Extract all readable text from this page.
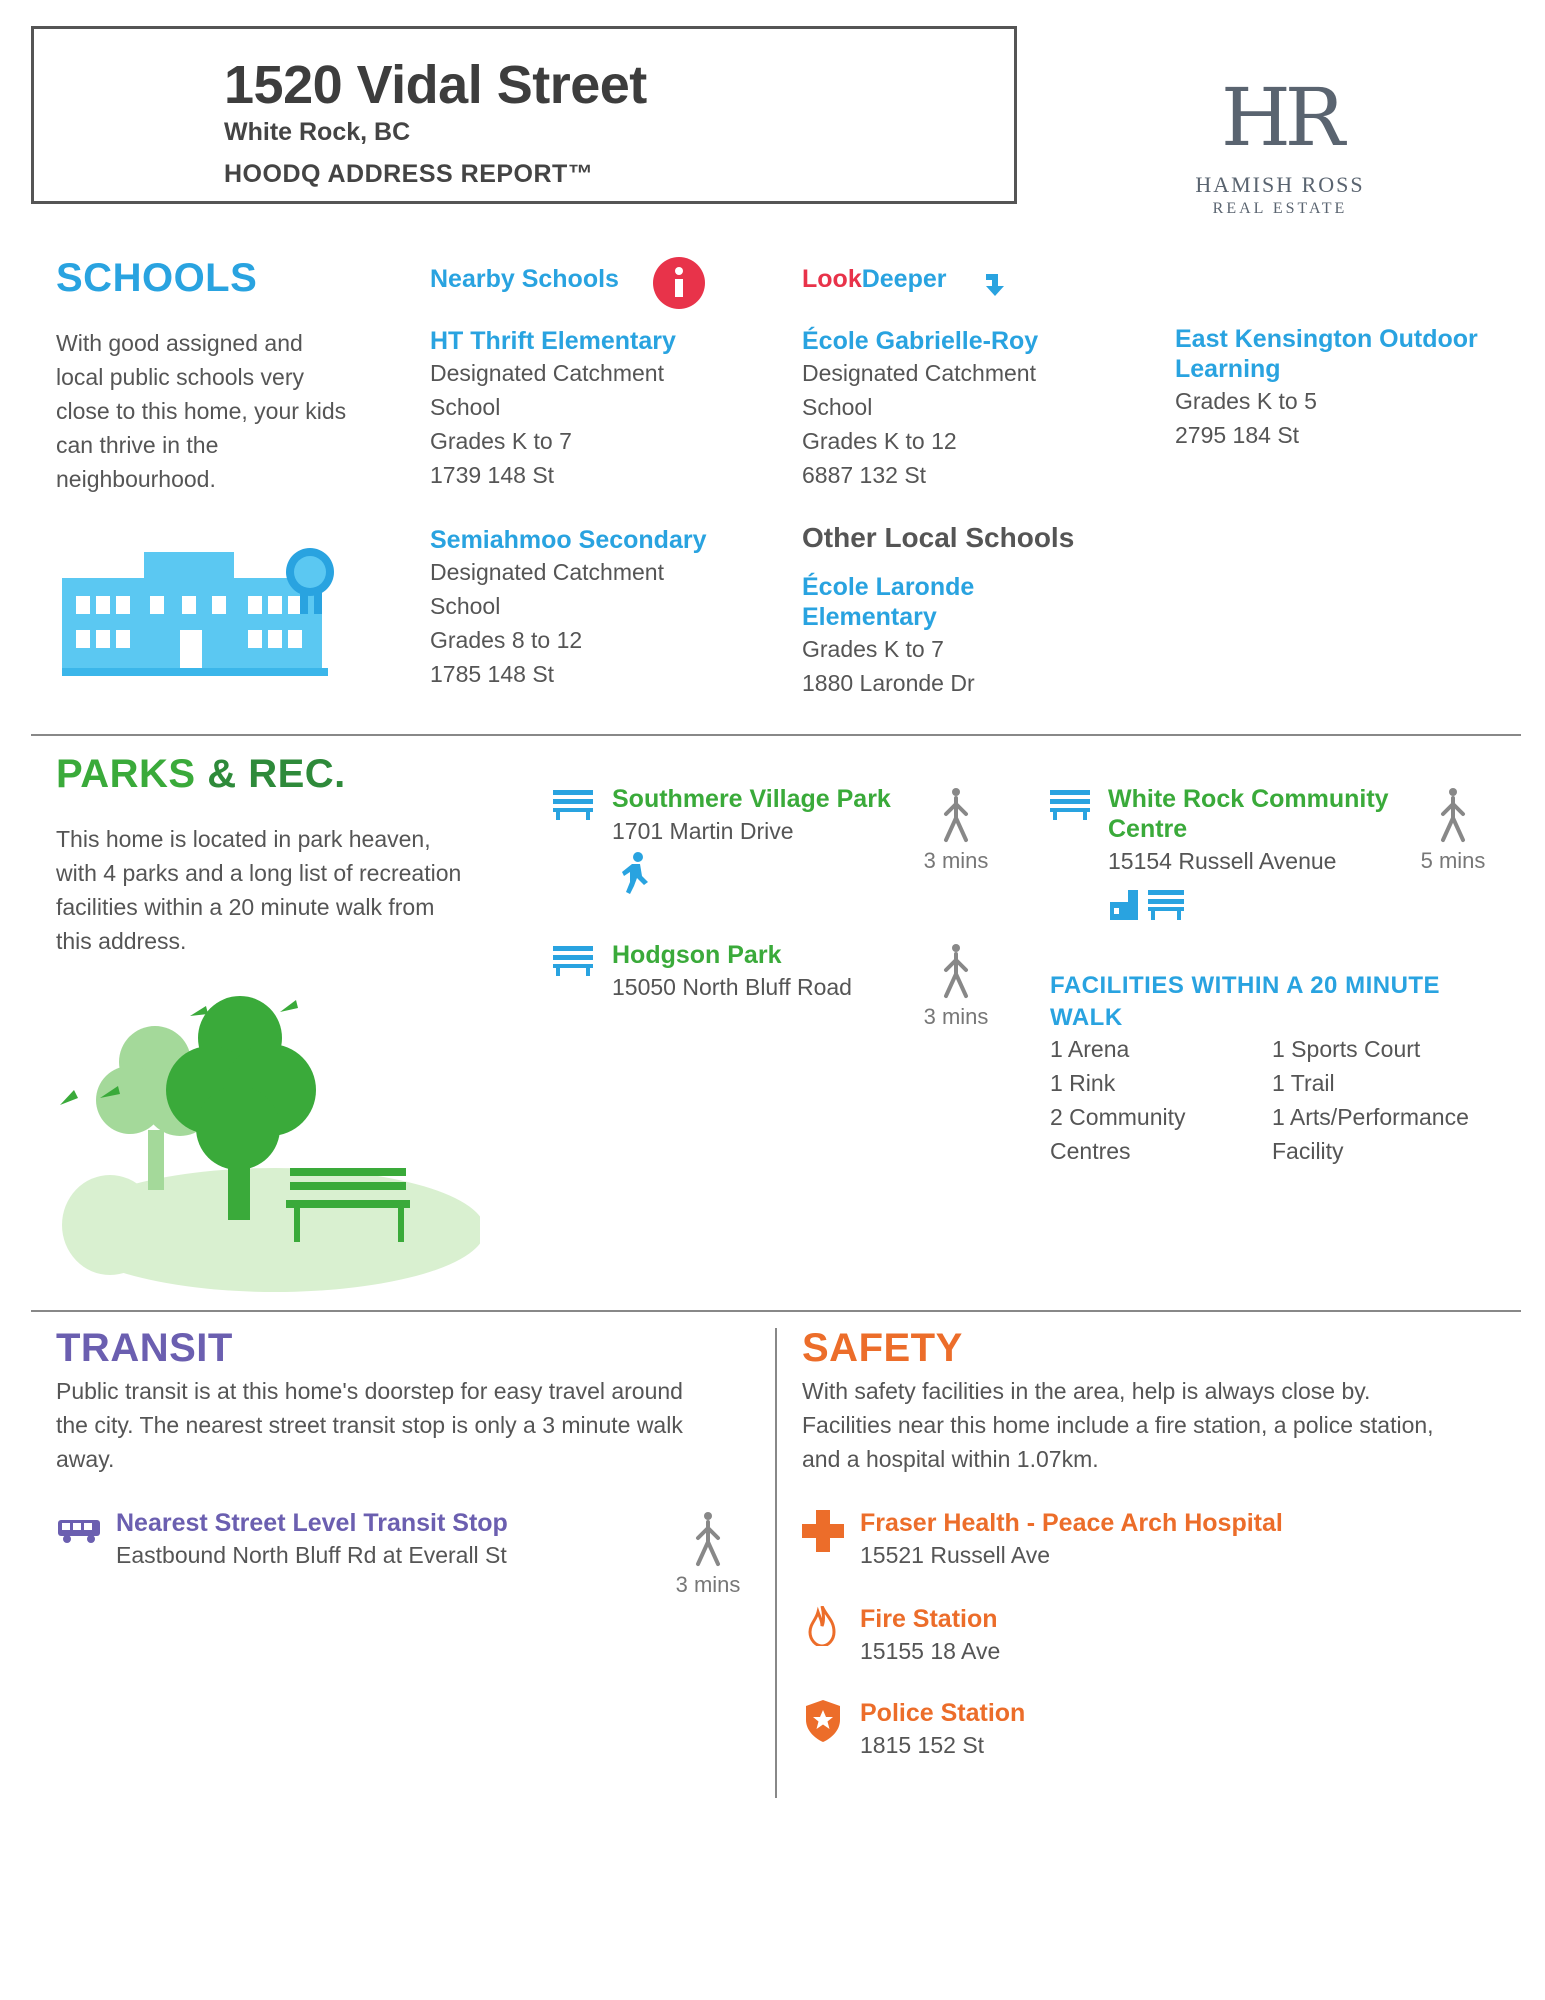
1520 Vidal Street
White Rock, BC
HOODQ ADDRESS REPORT™
HR
HAMISH ROSS
REAL ESTATE
SCHOOLS
With good assigned and
local public schools very
close to this home, your kids
can thrive in the
neighbourhood.
Nearby Schools	LookDeeper
HT Thrift Elementary
Designated Catchment
School
Grades K to 7
1739 148 St
École Gabrielle-Roy
Designated Catchment
School
Grades K to 12
6887 132 St
East Kensington Outdoor
Learning
Grades K to 5
2795 184 St
Semiahmoo Secondary
Designated Catchment
School
Grades 8 to 12
1785 148 St
Other Local Schools
École Laronde
Elementary
Grades K to 7
1880 Laronde Dr
PARKS & REC.
This home is located in park heaven,
with 4 parks and a long list of recreation
facilities within a 20 minute walk from
this address.
Southmere Village Park
1701 Martin Drive
3 mins
Hodgson Park
15050 North Bluff Road
3 mins
White Rock Community
Centre
15154 Russell Avenue	5 mins
FACILITIES WITHIN A 20 MINUTE
WALK
1 Arena
1 Rink
2 Community
Centres
1 Sports Court
1 Trail
1 Arts/Performance
Facility
TRANSIT
Public transit is at this home's doorstep for easy travel around
the city. The nearest street transit stop is only a 3 minute walk
away.
Nearest Street Level Transit Stop
Eastbound North Bluff Rd at Everall St
3 mins
SAFETY
With safety facilities in the area, help is always close by.
Facilities near this home include a fire station, a police station,
and a hospital within 1.07km.
Fraser Health - Peace Arch Hospital
15521 Russell Ave
Fire Station
15155 18 Ave
Police Station
1815 152 St
